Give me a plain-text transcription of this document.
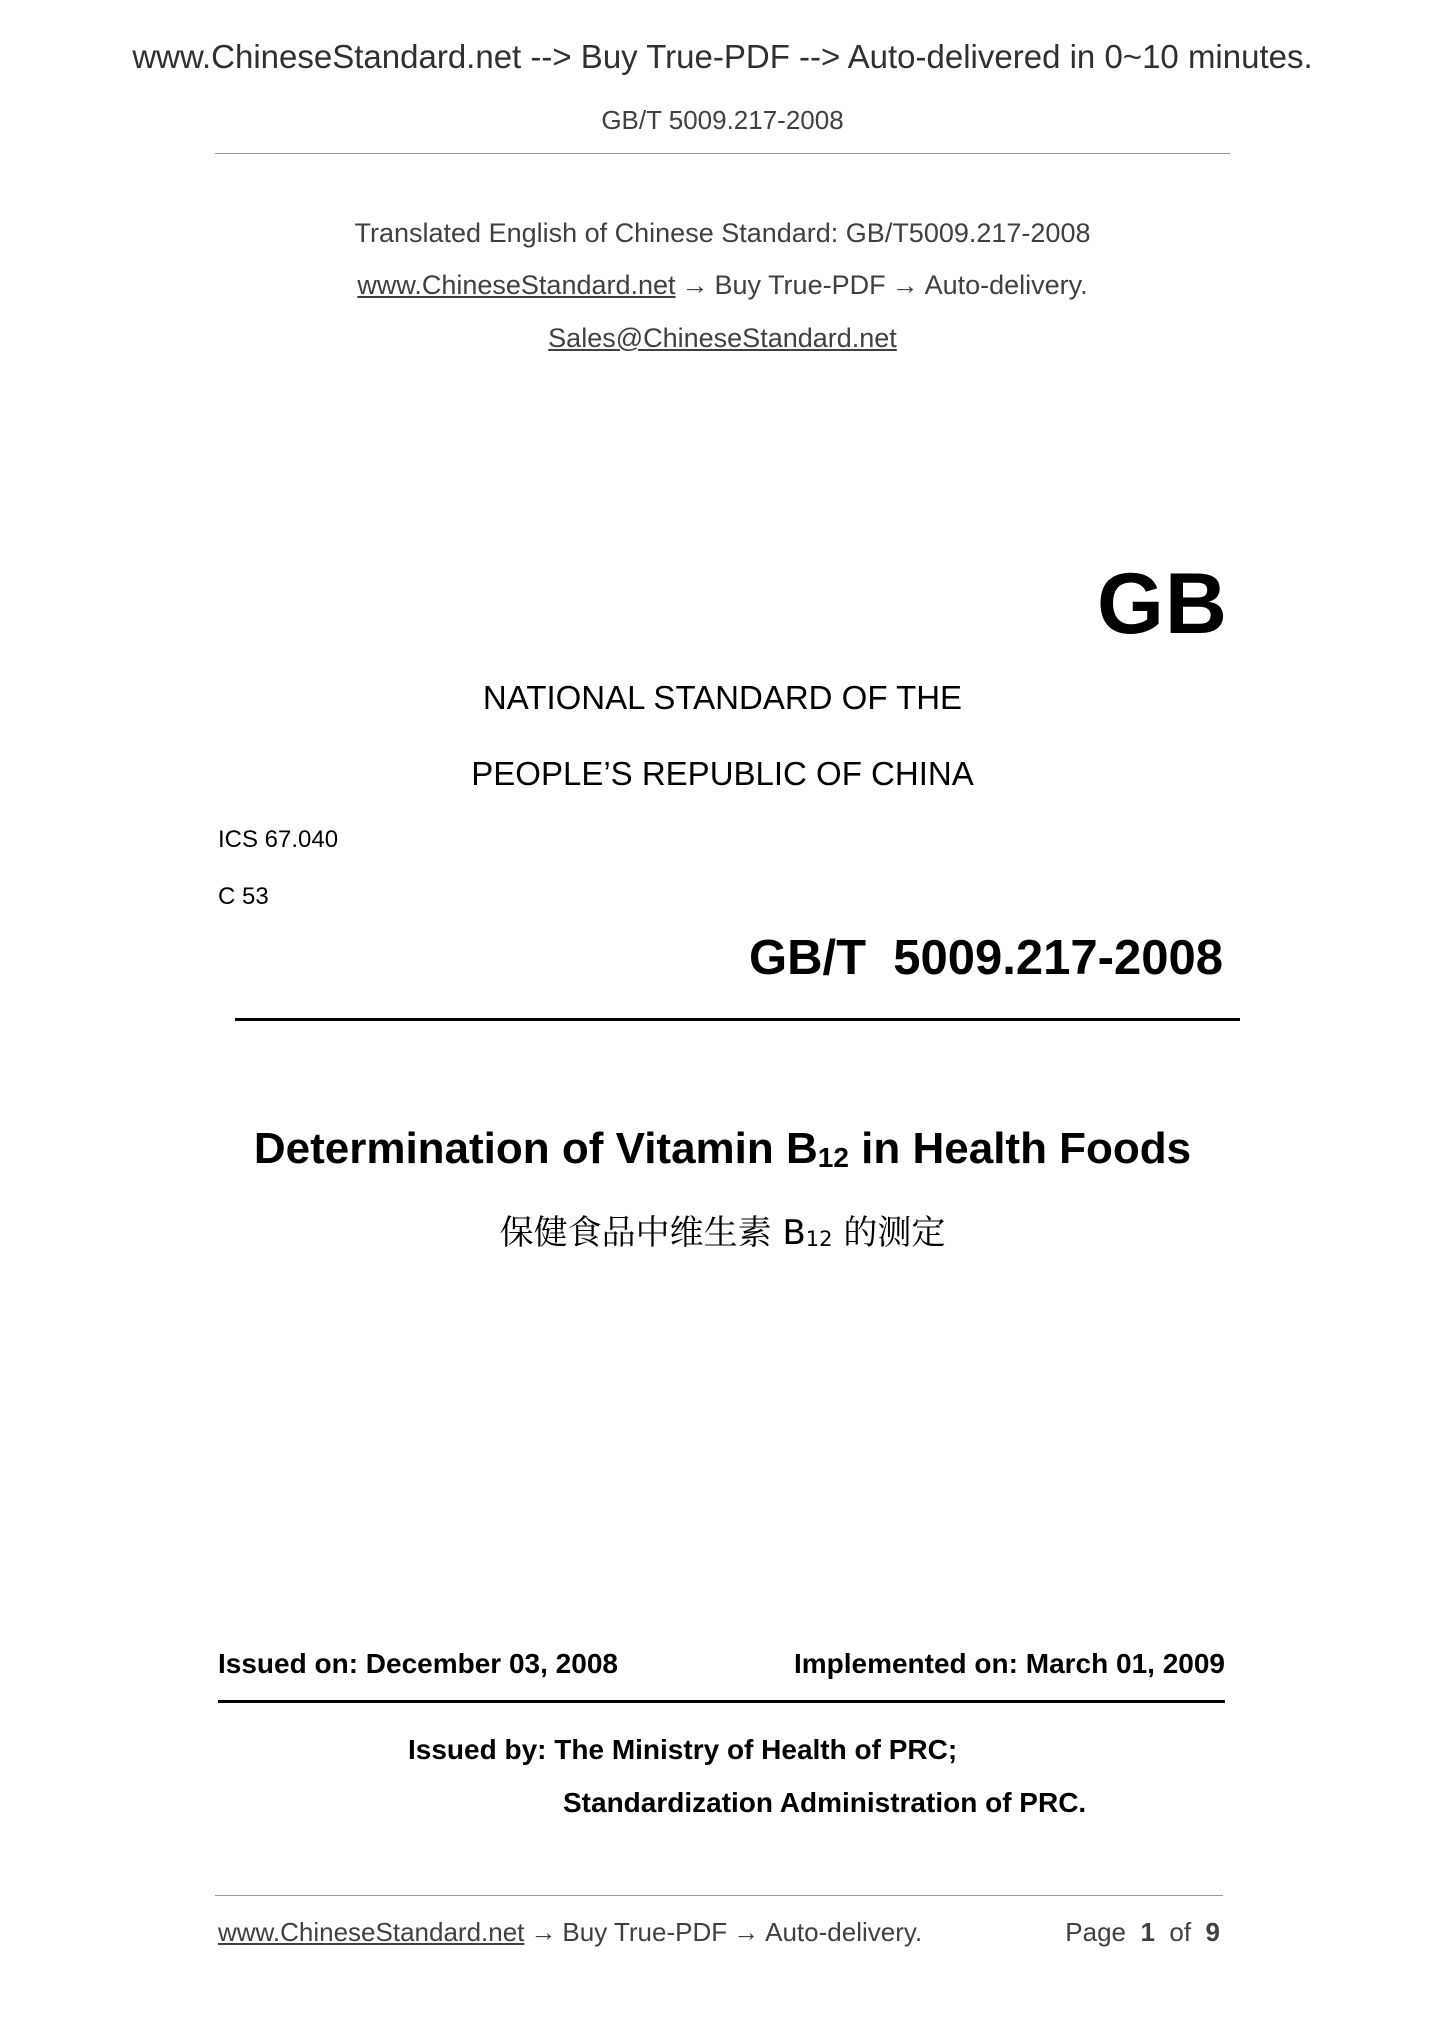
www.ChineseStandard.net --> Buy True-PDF --> Auto-delivered in 0~10 minutes.
GB/T 5009.217-2008
Translated English of Chinese Standard: GB/T5009.217-2008
www.ChineseStandard.net → Buy True-PDF → Auto-delivery.
Sales@ChineseStandard.net
GB
NATIONAL STANDARD OF THE
PEOPLE’S REPUBLIC OF CHINA
ICS 67.040
C 53
GB/T 5009.217-2008
Determination of Vitamin $B_{12}$ in Health Foods
保健食品中维生素 $B_{12}$ 的测定
Issued on: December 03, 2008	Implemented on: March 01, 2009
Issued by: The Ministry of Health of PRC;
Standardization Administration of PRC.
www.ChineseStandard.net → Buy True-PDF → Auto-delivery.	Page 1 of 9
